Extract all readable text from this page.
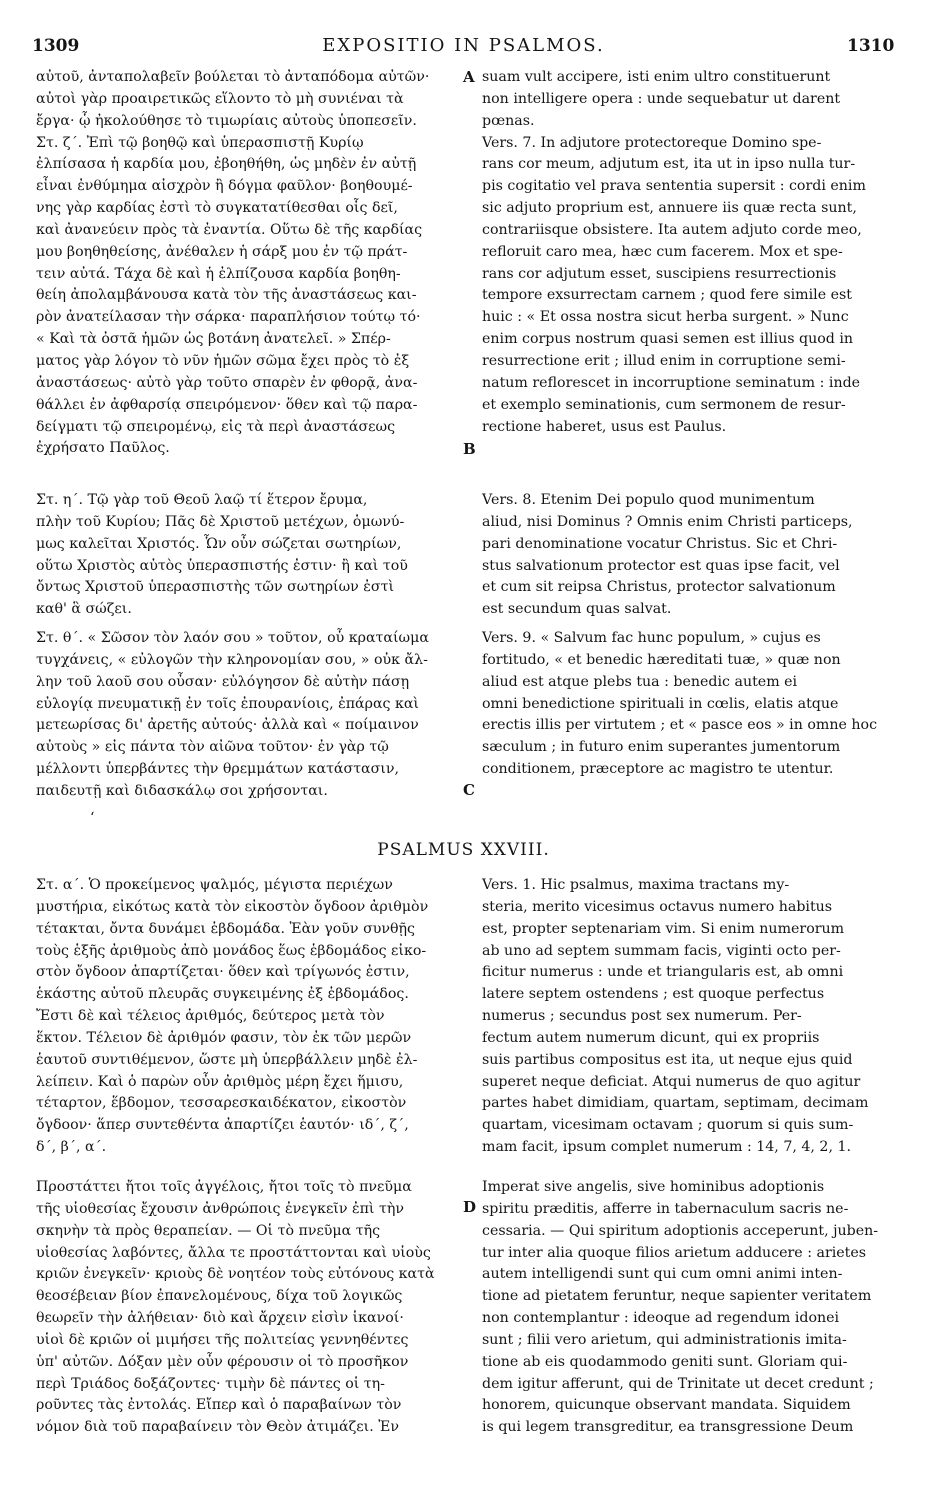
1309	EXPOSITIO IN PSALMOS.	1310
αὐτοῦ, ἀνταπολαβεῖν βούλεται τὸ ἀνταπόδομα αὐτῶν·
αὐτοὶ γὰρ προαιρετικῶς εἵλοντο τὸ μὴ συνιέναι τὰ
ἔργα· ᾧ ἠκολούθησε τὸ τιμωρίαις αὐτοὺς ὑποπεσεῖν.
Στ. ζ΄. Ἐπὶ τῷ βοηθῷ καὶ ὑπερασπιστῇ Κυρίῳ
ἐλπίσασα ἡ καρδία μου, ἐβοηθήθη, ὡς μηδὲν ἐν αὐτῇ
εἶναι ἐνθύμημα αἰσχρὸν ἢ δόγμα φαῦλον· βοηθουμέ-
νης γὰρ καρδίας ἐστὶ τὸ συγκατατίθεσθαι οἷς δεῖ,
καὶ ἀνανεύειν πρὸς τὰ ἐναντία. Οὕτω δὲ τῆς καρδίας
μου βοηθηθείσης, ἀνέθαλεν ἡ σάρξ μου ἐν τῷ πράτ-
τειν αὐτά. Τάχα δὲ καὶ ἡ ἐλπίζουσα καρδία βοηθη-
θείη ἀπολαμβάνουσα κατὰ τὸν τῆς ἀναστάσεως και-
ρὸν ἀνατείλασαν τὴν σάρκα· παραπλήσιον τούτῳ τό·
« Καὶ τὰ ὀστᾶ ἡμῶν ὡς βοτάνη ἀνατελεῖ. » Σπέρ-
ματος γὰρ λόγον τὸ νῦν ἡμῶν σῶμα ἔχει πρὸς τὸ ἐξ
ἀναστάσεως· αὐτὸ γὰρ τοῦτο σπαρὲν ἐν φθορᾷ, ἀνα-
θάλλει ἐν ἀφθαρσίᾳ σπειρόμενον· ὅθεν καὶ τῷ παρα-
δείγματι τῷ σπειρομένῳ, εἰς τὰ περὶ ἀναστάσεως
ἐχρήσατο Παῦλος.
suam vult accipere, isti enim ultro constituerunt
non intelligere opera : unde sequebatur ut darent
pœnas.
Vers. 7. In adjutore protectoreque Domino spe-
rans cor meum, adjutum est, ita ut in ipso nulla tur-
pis cogitatio vel prava sententia supersit : cordi enim
sic adjuto proprium est, annuere iis quæ recta sunt,
contrariisque obsistere. Ita autem adjuto corde meo,
refloruit caro mea, hæc cum facerem. Mox et spe-
rans cor adjutum esset, suscipiens resurrectionis
tempore exsurrectam carnem ; quod fere simile est
huic : « Et ossa nostra sicut herba surgent. » Nunc
enim corpus nostrum quasi semen est illius quod in
resurrectione erit ; illud enim in corruptione semi-
natum reflorescet in incorruptione seminatum : inde
et exemplo seminationis, cum sermonem de resur-
rectione haberet, usus est Paulus.
Στ. η΄. Τῷ γὰρ τοῦ Θεοῦ λαῷ τί ἕτερον ἔρυμα,
πλὴν τοῦ Κυρίου; Πᾶς δὲ Χριστοῦ μετέχων, ὁμωνύ-
μως καλεῖται Χριστός. Ὧν οὖν σώζεται σωτηρίων,
οὕτω Χριστὸς αὐτὸς ὑπερασπιστής ἐστιν· ἢ καὶ τοῦ
ὄντως Χριστοῦ ὑπερασπιστὴς τῶν σωτηρίων ἐστὶ
καθ' ἃ σώζει.
Vers. 8. Etenim Dei populo quod munimentum
aliud, nisi Dominus ? Omnis enim Christi particeps,
pari denominatione vocatur Christus. Sic et Chri-
stus salvationum protector est quas ipse facit, vel
et cum sit reipsa Christus, protector salvationum
est secundum quas salvat.
Στ. θ΄. « Σῶσον τὸν λαόν σου » τοῦτον, οὗ κραταίωμα
τυγχάνεις, « εὐλογῶν τὴν κληρονομίαν σου, » οὐκ ἄλ-
λην τοῦ λαοῦ σου οὖσαν· εὐλόγησον δὲ αὐτὴν πάσῃ
εὐλογίᾳ πνευματικῇ ἐν τοῖς ἐπουρανίοις, ἐπάρας καὶ
μετεωρίσας δι' ἀρετῆς αὐτούς· ἀλλὰ καὶ « ποίμαινον
αὐτοὺς » εἰς πάντα τὸν αἰῶνα τοῦτον· ἐν γὰρ τῷ
μέλλοντι ὑπερβάντες τὴν θρεμμάτων κατάστασιν,
παιδευτῇ καὶ διδασκάλῳ σοι χρήσονται.
Vers. 9. « Salvum fac hunc populum, » cujus es
fortitudo, « et benedic hæreditati tuæ, » quæ non
aliud est atque plebs tua : benedic autem ei
omni benedictione spirituali in cœlis, elatis atque
erectis illis per virtutem ; et « pasce eos » in omne hoc
sæculum ; in futuro enim superantes jumentorum
conditionem, præceptore ac magistro te utentur.
ʻ
PSALMUS XXVIII.
Στ. α΄. Ὁ προκείμενος ψαλμός, μέγιστα περιέχων
μυστήρια, εἰκότως κατὰ τὸν εἰκοστὸν ὄγδοον ἀριθμὸν
τέτακται, ὄντα δυνάμει ἑβδομάδα. Ἐὰν γοῦν συνθῇς
τοὺς ἑξῆς ἀριθμοὺς ἀπὸ μονάδος ἕως ἑβδομάδος εἰκο-
στὸν ὄγδοον ἀπαρτίζεται· ὅθεν καὶ τρίγωνός ἐστιν,
ἑκάστης αὐτοῦ πλευρᾶς συγκειμένης ἐξ ἑβδομάδος.
Ἔστι δὲ καὶ τέλειος ἀριθμός, δεύτερος μετὰ τὸν
ἕκτον. Τέλειον δὲ ἀριθμόν φασιν, τὸν ἐκ τῶν μερῶν
ἑαυτοῦ συντιθέμενον, ὥστε μὴ ὑπερβάλλειν μηδὲ ἐλ-
λείπειν. Καὶ ὁ παρὼν οὖν ἀριθμὸς μέρη ἔχει ἥμισυ,
τέταρτον, ἕβδομον, τεσσαρεσκαιδέκατον, εἰκοστὸν
ὄγδοον· ἅπερ συντεθέντα ἀπαρτίζει ἑαυτόν· ιδ΄, ζ΄,
δ΄, β΄, α΄.
Vers. 1. Hic psalmus, maxima tractans my-
steria, merito vicesimus octavus numero habitus
est, propter septenariam vim. Si enim numerorum
ab uno ad septem summam facis, viginti octo per-
ficitur numerus : unde et triangularis est, ab omni
latere septem ostendens ; est quoque perfectus
numerus ; secundus post sex numerum. Per-
fectum autem numerum dicunt, qui ex propriis
suis partibus compositus est ita, ut neque ejus quid
superet neque deficiat. Atqui numerus de quo agitur
partes habet dimidiam, quartam, septimam, decimam
quartam, vicesimam octavam ; quorum si quis sum-
mam facit, ipsum complet numerum : 14, 7, 4, 2, 1.
Προστάττει ἤτοι τοῖς ἀγγέλοις, ἤτοι τοῖς τὸ πνεῦμα
τῆς υἱοθεσίας ἔχουσιν ἀνθρώποις ἐνεγκεῖν ἐπὶ τὴν
σκηνὴν τὰ πρὸς θεραπείαν. — Οἱ τὸ πνεῦμα τῆς
υἱοθεσίας λαβόντες, ἄλλα τε προστάττονται καὶ υἱοὺς
κριῶν ἐνεγκεῖν· κριοὺς δὲ νοητέον τοὺς εὐτόνους κατὰ
θεοσέβειαν βίον ἐπανελομένους, δίχα τοῦ λογικῶς
θεωρεῖν τὴν ἀλήθειαν· διὸ καὶ ἄρχειν εἰσὶν ἱκανοί·
υἱοὶ δὲ κριῶν οἱ μιμήσει τῆς πολιτείας γεννηθέντες
ὑπ' αὐτῶν. Δόξαν μὲν οὖν φέρουσιν οἱ τὸ προσῆκον
περὶ Τριάδος δοξάζοντες· τιμὴν δὲ πάντες οἱ τη-
ροῦντες τὰς ἐντολάς. Εἴπερ καὶ ὁ παραβαίνων τὸν
νόμον διὰ τοῦ παραβαίνειν τὸν Θεὸν ἀτιμάζει. Ἐν
Imperat sive angelis, sive hominibus adoptionis
spiritu præditis, afferre in tabernaculum sacris ne-
cessaria. — Qui spiritum adoptionis acceperunt, juben-
tur inter alia quoque filios arietum adducere : arietes
autem intelligendi sunt qui cum omni animi inten-
tione ad pietatem feruntur, neque sapienter veritatem
non contemplantur : ideoque ad regendum idonei
sunt ; filii vero arietum, qui administrationis imita-
tione ab eis quodammodo geniti sunt. Gloriam qui-
dem igitur afferunt, qui de Trinitate ut decet credunt ;
honorem, quicunque observant mandata. Siquidem
is qui legem transgreditur, ea transgressione Deum
A
B
C
D
